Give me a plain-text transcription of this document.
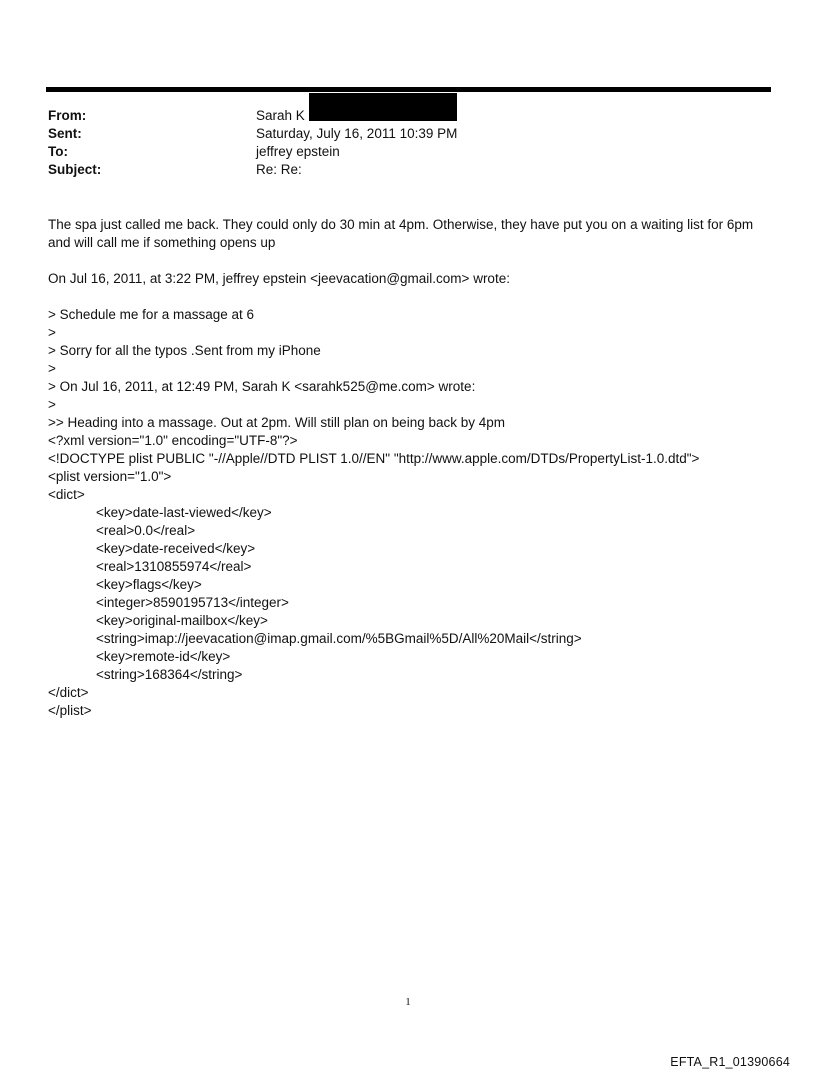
From:	Sarah K
Sent:	Saturday, July 16, 2011 10:39 PM
To:	jeffrey epstein
Subject:	Re: Re:

The spa just called me back. They could only do 30 min at 4pm. Otherwise, they have put you on a waiting list for 6pm and will call me if something opens up

On Jul 16, 2011, at 3:22 PM, jeffrey epstein <jeevacation@gmail.com> wrote:

> Schedule me for a massage at 6
>
> Sorry for all the typos .Sent from my iPhone
>
> On Jul 16, 2011, at 12:49 PM, Sarah K <sarahk525@me.com> wrote:
>
>> Heading into a massage. Out at 2pm. Will still plan on being back by 4pm
<?xml version="1.0" encoding="UTF-8"?>
<!DOCTYPE plist PUBLIC "-//Apple//DTD PLIST 1.0//EN" "http://www.apple.com/DTDs/PropertyList-1.0.dtd">
<plist version="1.0">
<dict>
<key>date-last-viewed</key>
<real>0.0</real>
<key>date-received</key>
<real>1310855974</real>
<key>flags</key>
<integer>8590195713</integer>
<key>original-mailbox</key>
<string>imap://jeevacation@imap.gmail.com/%5BGmail%5D/All%20Mail</string>
<key>remote-id</key>
<string>168364</string>
</dict>
</plist>
1
EFTA_R1_01390664
